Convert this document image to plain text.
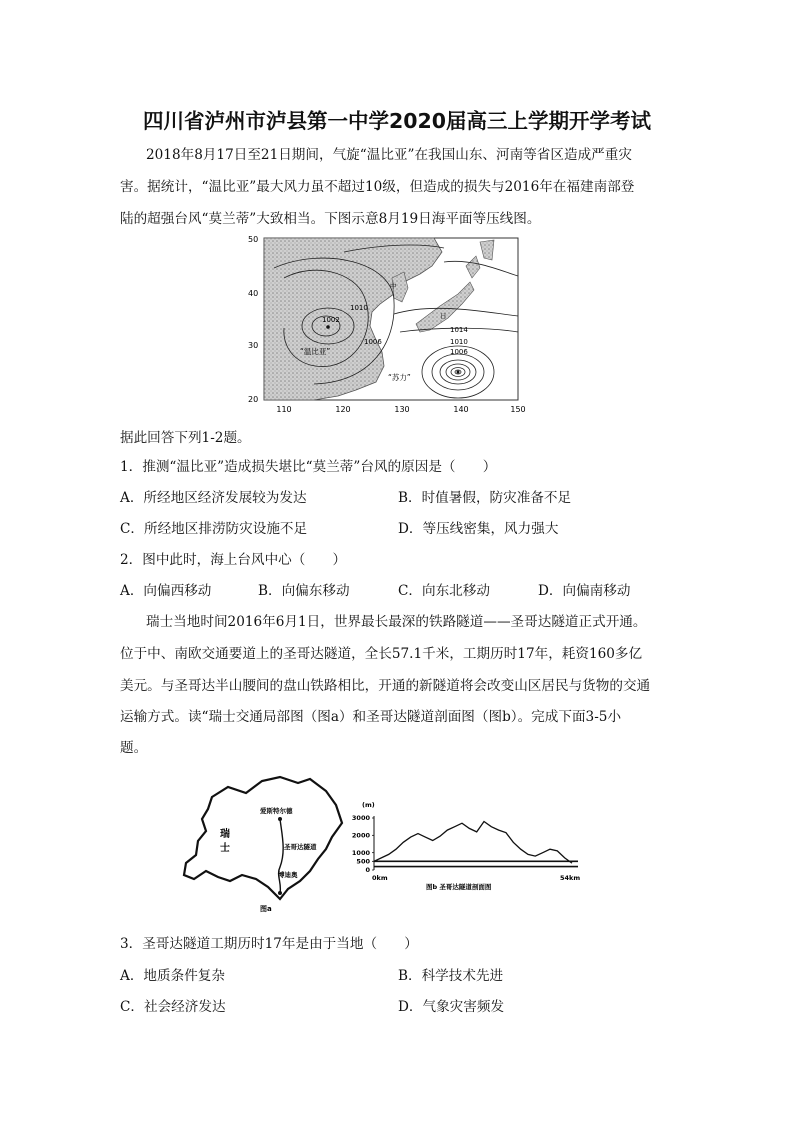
四川省泸州市泸县第一中学2020届高三上学期开学考试
2018年8月17日至21日期间，气旋“温比亚”在我国山东、河南等省区造成严重灾
害。据统计，“温比亚”最大风力虽不超过10级，但造成的损失与2016年在福建南部登
陆的超强台风“莫兰蒂”大致相当。下图示意8月19日海平面等压线图。
50
40
30
20
110	120	130	140	150
1010
1002
1006
1014
1010
1006
“温比亚”
“苏力”
中
日
据此回答下列1-2题。
1．推测“温比亚”造成损失堪比“莫兰蒂”台风的原因是（　　）
A．所经地区经济发展较为发达	B．时值暑假，防灾准备不足
C．所经地区排涝防灾设施不足	D．等压线密集，风力强大
2．图中此时，海上台风中心（　　）
A．向偏西移动	B．向偏东移动	C．向东北移动	D．向偏南移动
瑞士当地时间2016年6月1日，世界最长最深的铁路隧道——圣哥达隧道正式开通。
位于中、南欧交通要道上的圣哥达隧道，全长57.1千米，工期历时17年，耗资160多亿
美元。与圣哥达半山腰间的盘山铁路相比，开通的新隧道将会改变山区居民与货物的交通
运输方式。读“瑞士交通局部图（图a）和圣哥达隧道剖面图（图b）。完成下面3-5小
题。
瑞
士
爱斯特尔德
圣哥达隧道
博迪奥
图a
(m)
3000
2000
1000
500
0
0km	54km
图b 圣哥达隧道剖面图
3．圣哥达隧道工期历时17年是由于当地（　　）
A．地质条件复杂	B．科学技术先进
C．社会经济发达	D．气象灾害频发
